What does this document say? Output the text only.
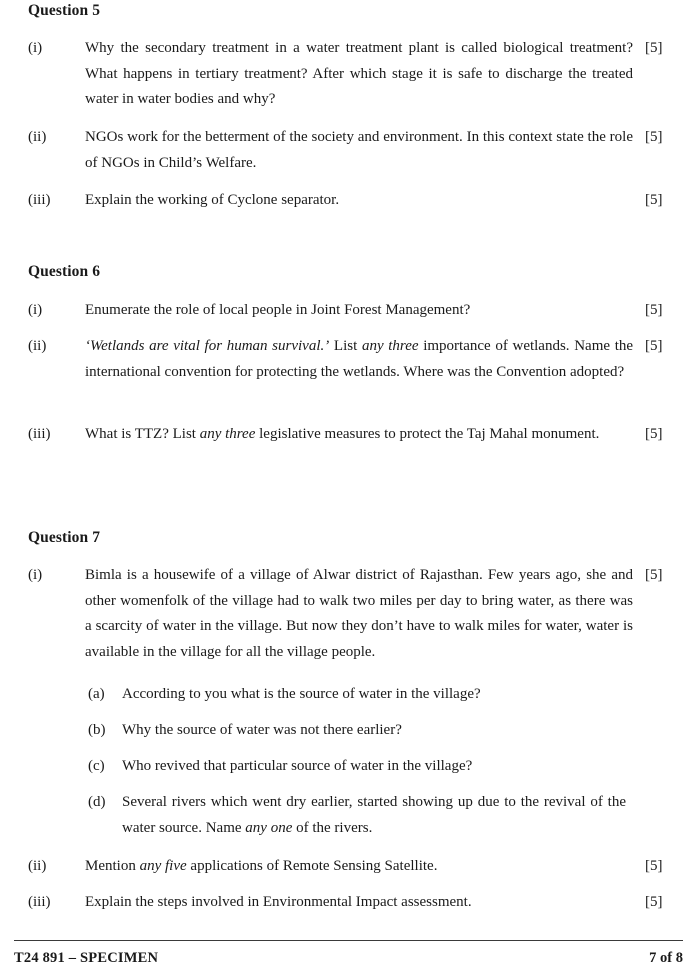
Question 5
(i)	Why the secondary treatment in a water treatment plant is called biological treatment? What happens in tertiary treatment? After which stage it is safe to discharge the treated water in water bodies and why?
[5]
(ii)	NGOs work for the betterment of the society and environment. In this context state the role of NGOs in Child’s Welfare.
[5]
(iii)	Explain the working of Cyclone separator.	[5]
Question 6
(i)	Enumerate the role of local people in Joint Forest Management?	[5]
(ii)	‘Wetlands are vital for human survival.’ List any three importance of wetlands. Name the international convention for protecting the wetlands. Where was the Convention adopted?
[5]
(iii)	What is TTZ? List any three legislative measures to protect the Taj Mahal monument.	[5]
Question 7
(i)	Bimla is a housewife of a village of Alwar district of Rajasthan. Few years ago, she and other womenfolk of the village had to walk two miles per day to bring water, as there was a scarcity of water in the village. But now they don’t have to walk miles for water, water is available in the village for all the village people.
[5]
(a)	According to you what is the source of water in the village?
(b)	Why the source of water was not there earlier?
(c)	Who revived that particular source of water in the village?
(d)	Several rivers which went dry earlier, started showing up due to the revival of the water source. Name any one of the rivers.
(ii)	Mention any five applications of Remote Sensing Satellite.	[5]
(iii)	Explain the steps involved in Environmental Impact assessment.	[5]
T24 891 – SPECIMEN	7 of 8
